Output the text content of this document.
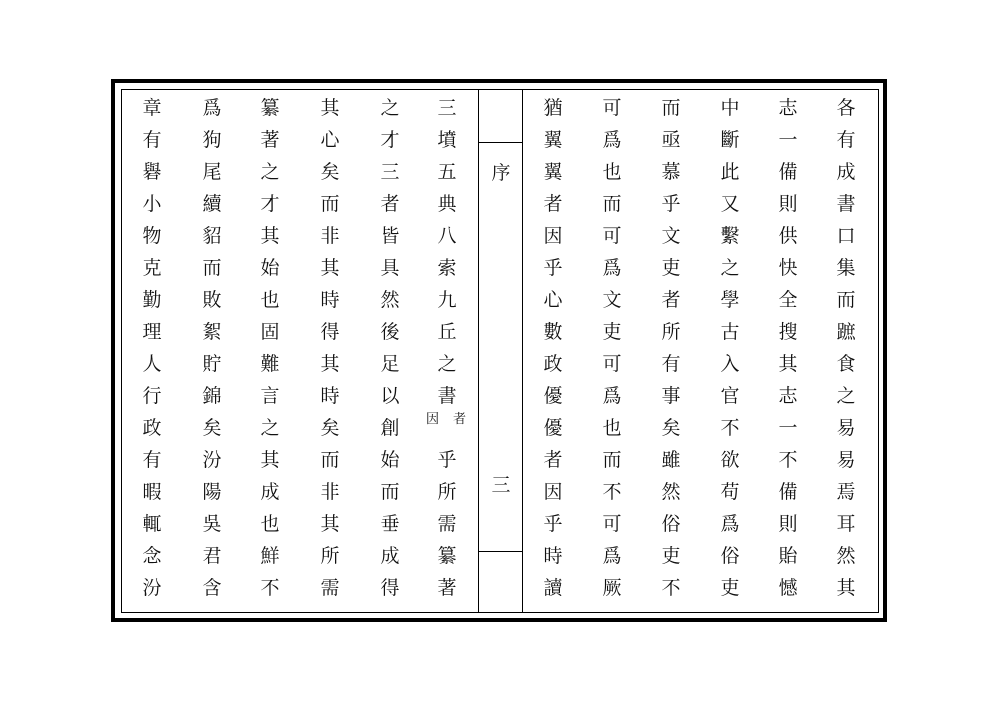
序
三
各
有
成
書
口
集
而
蹠
食
之
易
易
焉
耳
然
其
志
一
備
則
供
快
全
搜
其
志
一
不
備
則
貽
憾
中
斷
此
又
繫
之
學
古
入
官
不
欲
苟
爲
俗
吏
而
亟
慕
乎
文
吏
者
所
有
事
矣
雖
然
俗
吏
不
可
爲
也
而
可
爲
文
吏
可
爲
也
而
不
可
爲
厥
猶
翼
翼
者
因
乎
心
數
政
優
優
者
因
乎
時
讀
三
墳
五
典
八
索
九
丘
之
書
乎
所
需
纂
著
之
才
三
者
皆
具
然
後
足
以
創
始
而
垂
成
得
其
心
矣
而
非
其
時
得
其
時
矣
而
非
其
所
需
纂
著
之
才
其
始
也
固
難
言
之
其
成
也
鮮
不
爲
狗
尾
續
貂
而
敗
絮
貯
錦
矣
汾
陽
吳
君
含
章
有
礜
小
物
克
勤
理
人
行
政
有
暇
輒
念
汾
者
因
